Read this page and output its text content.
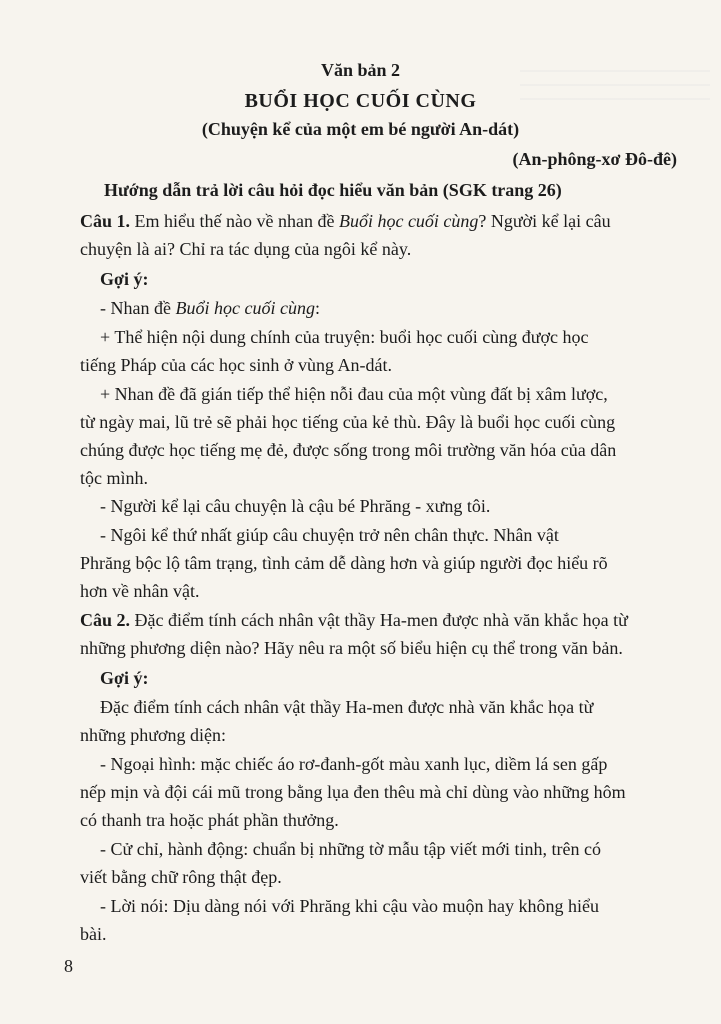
Văn bản 2
BUỔI HỌC CUỐI CÙNG
(Chuyện kể của một em bé người An-dát)
(An-phông-xơ Đô-đê)
Hướng dẫn trả lời câu hỏi đọc hiểu văn bản (SGK trang 26)
Câu 1. Em hiểu thế nào về nhan đề Buổi học cuối cùng? Người kể lại câu
chuyện là ai? Chỉ ra tác dụng của ngôi kể này.
Gợi ý:
- Nhan đề Buổi học cuối cùng:
+ Thể hiện nội dung chính của truyện: buổi học cuối cùng được học
tiếng Pháp của các học sinh ở vùng An-dát.
+ Nhan đề đã gián tiếp thể hiện nỗi đau của một vùng đất bị xâm lược,
từ ngày mai, lũ trẻ sẽ phải học tiếng của kẻ thù. Đây là buổi học cuối cùng
chúng được học tiếng mẹ đẻ, được sống trong môi trường văn hóa của dân
tộc mình.
- Người kể lại câu chuyện là cậu bé Phrăng - xưng tôi.
- Ngôi kể thứ nhất giúp câu chuyện trở nên chân thực. Nhân vật
Phrăng bộc lộ tâm trạng, tình cảm dễ dàng hơn và giúp người đọc hiểu rõ
hơn về nhân vật.
Câu 2. Đặc điểm tính cách nhân vật thầy Ha-men được nhà văn khắc họa từ
những phương diện nào? Hãy nêu ra một số biểu hiện cụ thể trong văn bản.
Gợi ý:
Đặc điểm tính cách nhân vật thầy Ha-men được nhà văn khắc họa từ
những phương diện:
- Ngoại hình: mặc chiếc áo rơ-đanh-gốt màu xanh lục, diềm lá sen gấp
nếp mịn và đội cái mũ trong bằng lụa đen thêu mà chỉ dùng vào những hôm
có thanh tra hoặc phát phần thưởng.
- Cử chỉ, hành động: chuẩn bị những tờ mẫu tập viết mới tinh, trên có
viết bằng chữ rông thật đẹp.
- Lời nói: Dịu dàng nói với Phrăng khi cậu vào muộn hay không hiểu
bài.
8
